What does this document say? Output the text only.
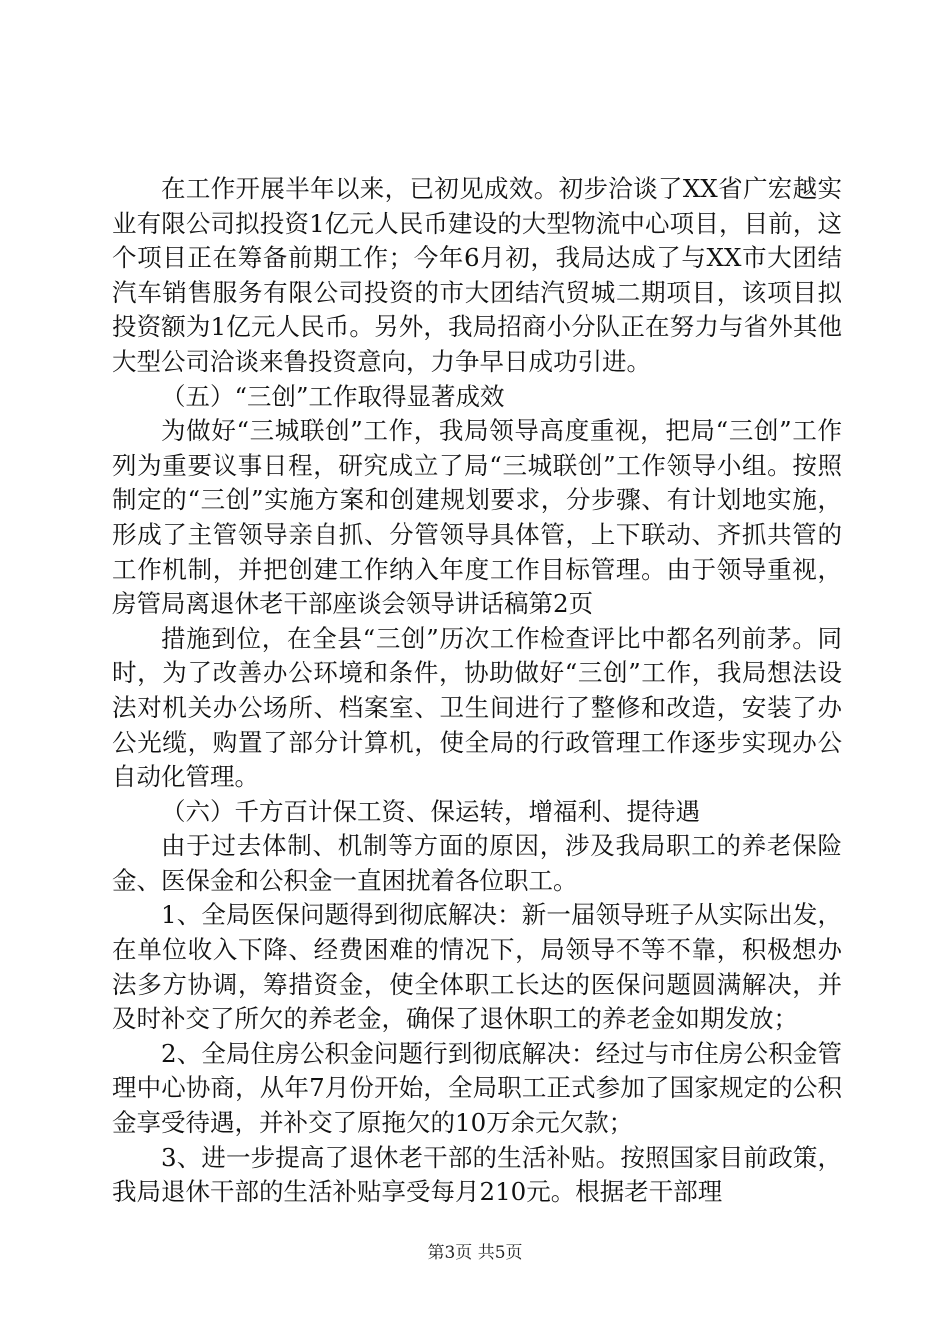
在工作开展半年以来，已初见成效。初步洽谈了XX省广宏越实业有限公司拟投资1亿元人民币建设的大型物流中心项目，目前，这个项目正在筹备前期工作；今年6月初，我局达成了与XX市大团结汽车销售服务有限公司投资的市大团结汽贸城二期项目，该项目拟投资额为1亿元人民币。另外，我局招商小分队正在努力与省外其他大型公司洽谈来鲁投资意向，力争早日成功引进。

（五）“三创”工作取得显著成效

为做好“三城联创”工作，我局领导高度重视，把局“三创”工作列为重要议事日程，研究成立了局“三城联创”工作领导小组。按照制定的“三创”实施方案和创建规划要求，分步骤、有计划地实施，形成了主管领导亲自抓、分管领导具体管，上下联动、齐抓共管的工作机制，并把创建工作纳入年度工作目标管理。由于领导重视，房管局离退休老干部座谈会领导讲话稿第2页

措施到位，在全县“三创”历次工作检查评比中都名列前茅。同时，为了改善办公环境和条件，协助做好“三创”工作，我局想法设法对机关办公场所、档案室、卫生间进行了整修和改造，安装了办公光缆，购置了部分计算机，使全局的行政管理工作逐步实现办公自动化管理。

（六）千方百计保工资、保运转，增福利、提待遇

由于过去体制、机制等方面的原因，涉及我局职工的养老保险金、医保金和公积金一直困扰着各位职工。

1、全局医保问题得到彻底解决：新一届领导班子从实际出发，在单位收入下降、经费困难的情况下，局领导不等不靠，积极想办法多方协调，筹措资金，使全体职工长达的医保问题圆满解决，并及时补交了所欠的养老金，确保了退休职工的养老金如期发放；

2、全局住房公积金问题行到彻底解决：经过与市住房公积金管理中心协商，从年7月份开始，全局职工正式参加了国家规定的公积金享受待遇，并补交了原拖欠的10万余元欠款；

3、进一步提高了退休老干部的生活补贴。按照国家目前政策，我局退休干部的生活补贴享受每月210元。根据老干部理

第3页 共5页
